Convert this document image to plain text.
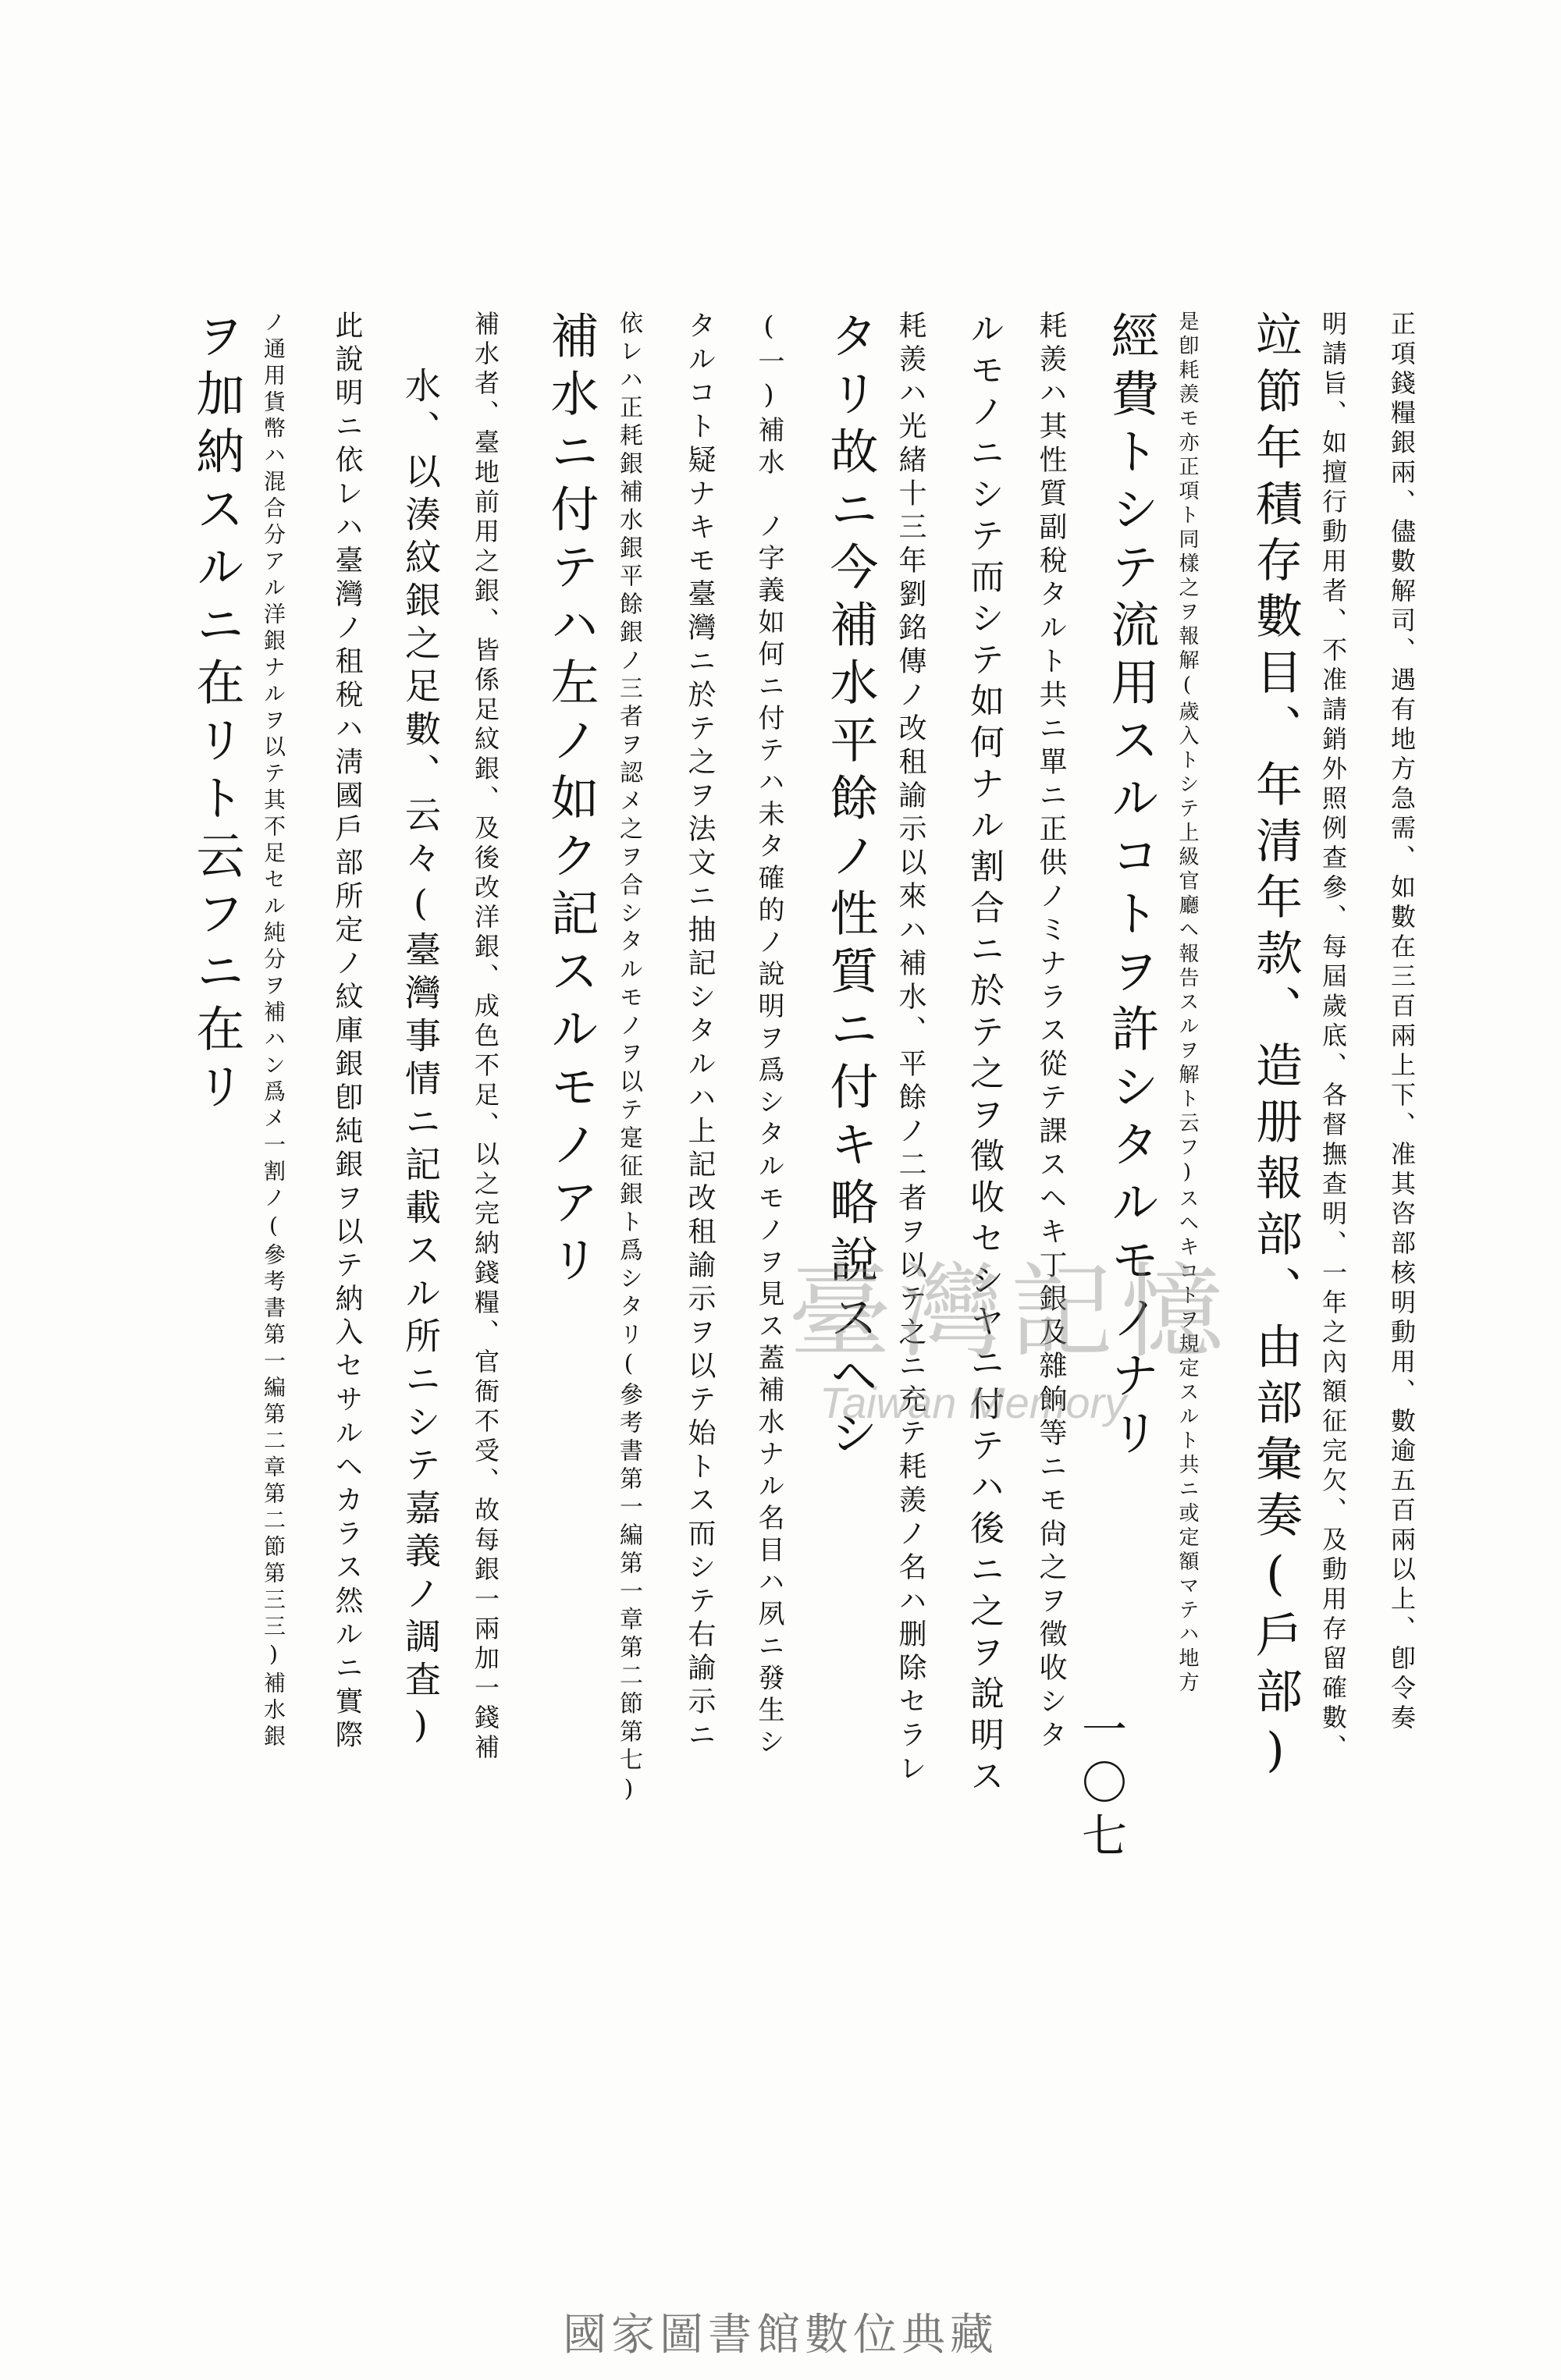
正項錢糧銀兩、儘數解司、遇有地方急需、如數在三百兩上下、准其咨部核明動用、數逾五百兩以上、卽令奏
明請旨、如擅行動用者、不准請銷外照例查參、每屆歲底、各督撫查明、一年之內額征完欠、及動用存留確數、
竝節年積存數目、年清年款、造册報部、由部彙奏(戶部)
是卽耗羨モ亦正項ト同樣之ヲ報解(歲入トシテ上級官廳ヘ報告スルヲ解ト云フ)スヘキコトヲ規定スルト共ニ或定額マテハ地方
經費トシテ流用スルコトヲ許シタルモノナリ
耗羨ハ其性質副稅タルト共ニ單ニ正供ノミナラス從テ課スヘキ丁銀及雜餉等ニモ尙之ヲ徵收シタ
ルモノニシテ而シテ如何ナル割合ニ於テ之ヲ徵收セシヤニ付テハ後ニ之ヲ說明ス
耗羨ハ光緒十三年劉銘傳ノ改租諭示以來ハ補水、平餘ノ二者ヲ以テ之ニ充テ耗羨ノ名ハ删除セラレ
タリ故ニ今補水平餘ノ性質ニ付キ略說スヘシ
(一)補水　ノ字義如何ニ付テハ未タ確的ノ說明ヲ爲シタルモノヲ見ス蓋補水ナル名目ハ夙ニ發生シ
タルコト疑ナキモ臺灣ニ於テ之ヲ法文ニ抽記シタルハ上記改租諭示ヲ以テ始トス而シテ右諭示ニ
依レハ正耗銀補水銀平餘銀ノ三者ヲ認メ之ヲ合シタルモノヲ以テ寔征銀ト爲シタリ(參考書第一編第一章第二節第七)
補水ニ付テハ左ノ如ク記スルモノアリ
補水者、臺地前用之銀、皆係足紋銀、及後改洋銀、成色不足、以之完納錢糧、官衙不受、故每銀一兩加一錢補
水、以湊紋銀之足數、云々(臺灣事情ニ記載スル所ニシテ嘉義ノ調査)
此說明ニ依レハ臺灣ノ租稅ハ淸國戶部所定ノ紋庫銀卽純銀ヲ以テ納入セサルヘカラス然ルニ實際
ノ通用貨幣ハ混合分アル洋銀ナルヲ以テ其不足セル純分ヲ補ハン爲メ一割ノ(參考書第一編第二章第二節第三三)補水銀
ヲ加納スルニ在リト云フニ在リ
一〇七
臺灣記憶
Taiwan Memory
國家圖書館數位典藏
